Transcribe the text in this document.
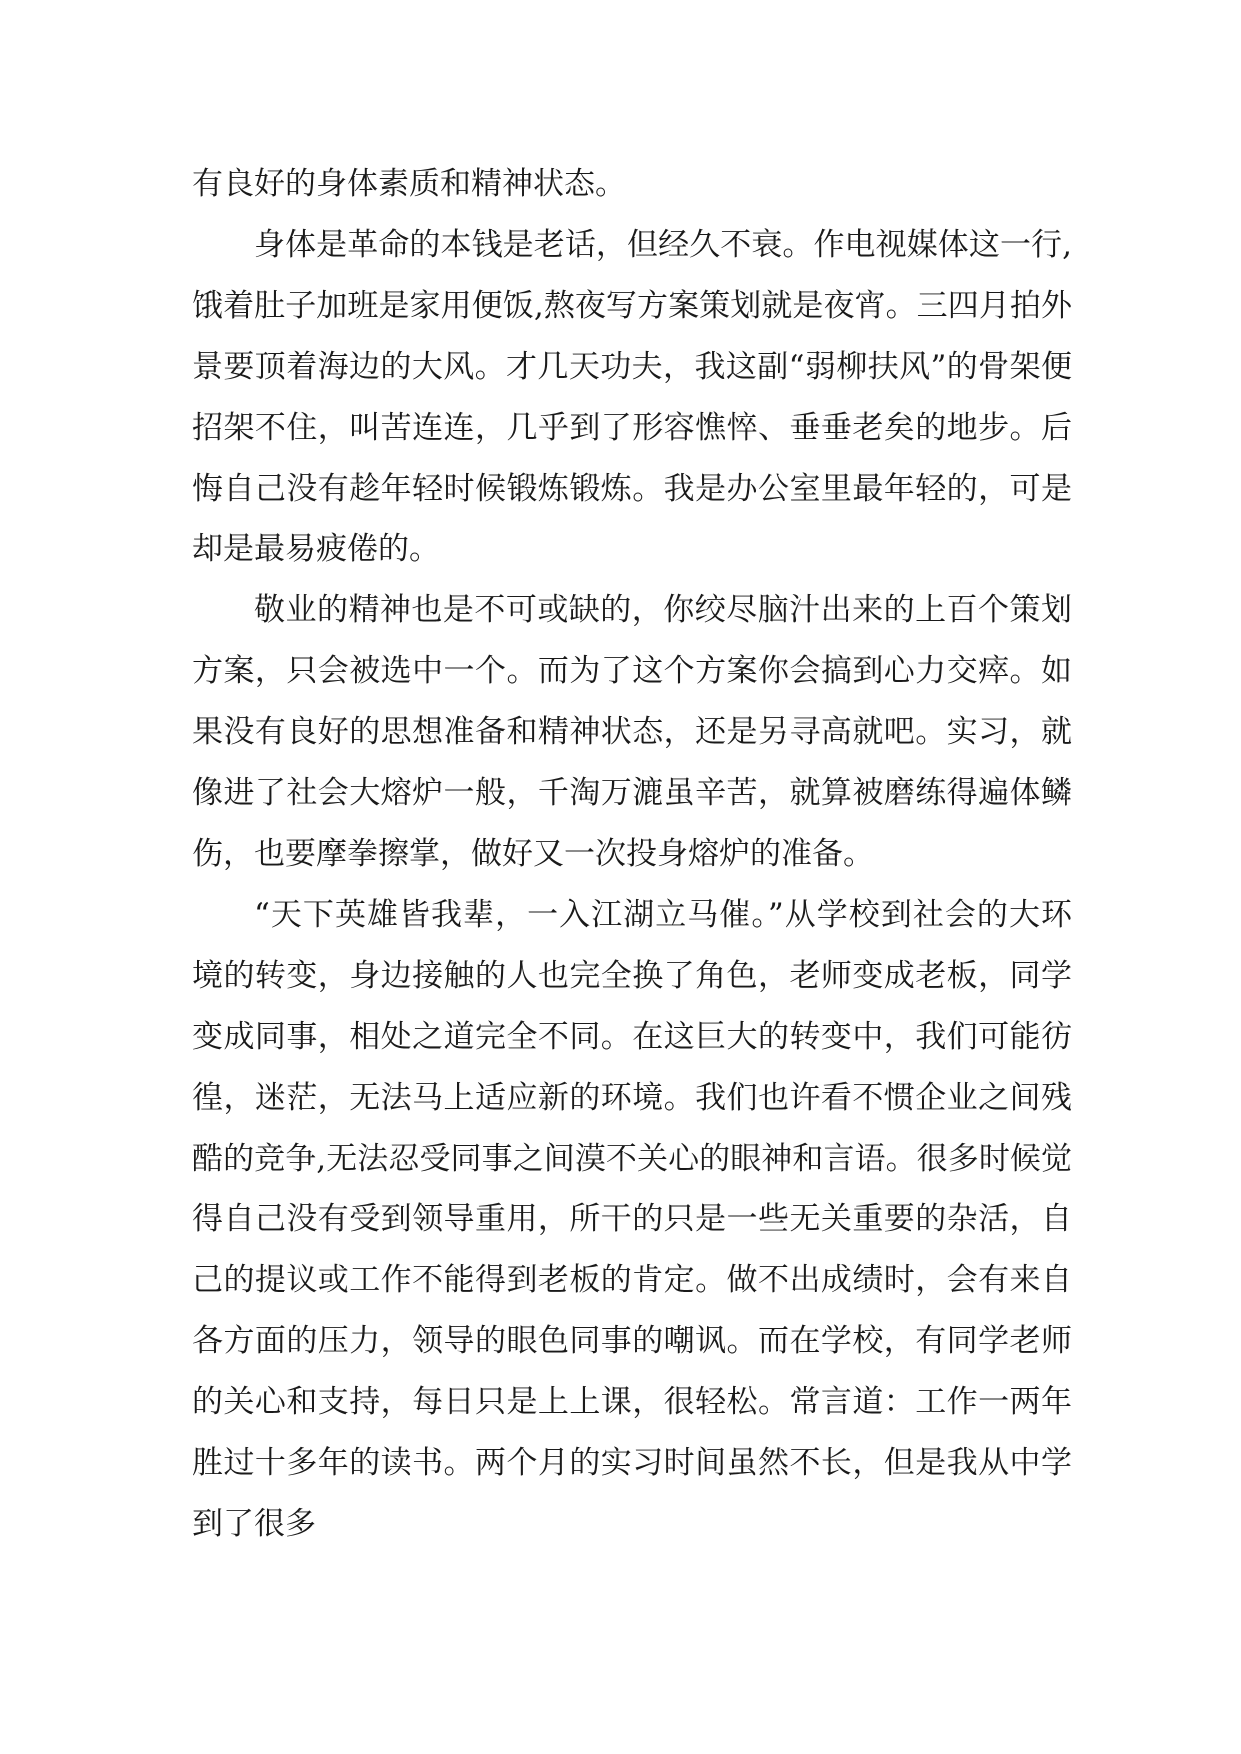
有良好的身体素质和精神状态。

身体是革命的本钱是老话，但经久不衰。作电视媒体这一行,饿着肚子加班是家用便饭,熬夜写方案策划就是夜宵。三四月拍外景要顶着海边的大风。才几天功夫，我这副“弱柳扶风”的骨架便招架不住，叫苦连连，几乎到了形容憔悴、垂垂老矣的地步。后悔自己没有趁年轻时候锻炼锻炼。我是办公室里最年轻的，可是却是最易疲倦的。

敬业的精神也是不可或缺的，你绞尽脑汁出来的上百个策划方案，只会被选中一个。而为了这个方案你会搞到心力交瘁。如果没有良好的思想准备和精神状态，还是另寻高就吧。实习，就像进了社会大熔炉一般，千淘万漉虽辛苦，就算被磨练得遍体鳞伤，也要摩拳擦掌，做好又一次投身熔炉的准备。

“天下英雄皆我辈，一入江湖立马催。”从学校到社会的大环境的转变，身边接触的人也完全换了角色，老师变成老板，同学变成同事，相处之道完全不同。在这巨大的转变中，我们可能彷徨，迷茫，无法马上适应新的环境。我们也许看不惯企业之间残酷的竞争,无法忍受同事之间漠不关心的眼神和言语。很多时候觉得自己没有受到领导重用，所干的只是一些无关重要的杂活，自己的提议或工作不能得到老板的肯定。做不出成绩时，会有来自各方面的压力，领导的眼色同事的嘲讽。而在学校，有同学老师的关心和支持，每日只是上上课，很轻松。常言道：工作一两年胜过十多年的读书。两个月的实习时间虽然不长，但是我从中学到了很多
